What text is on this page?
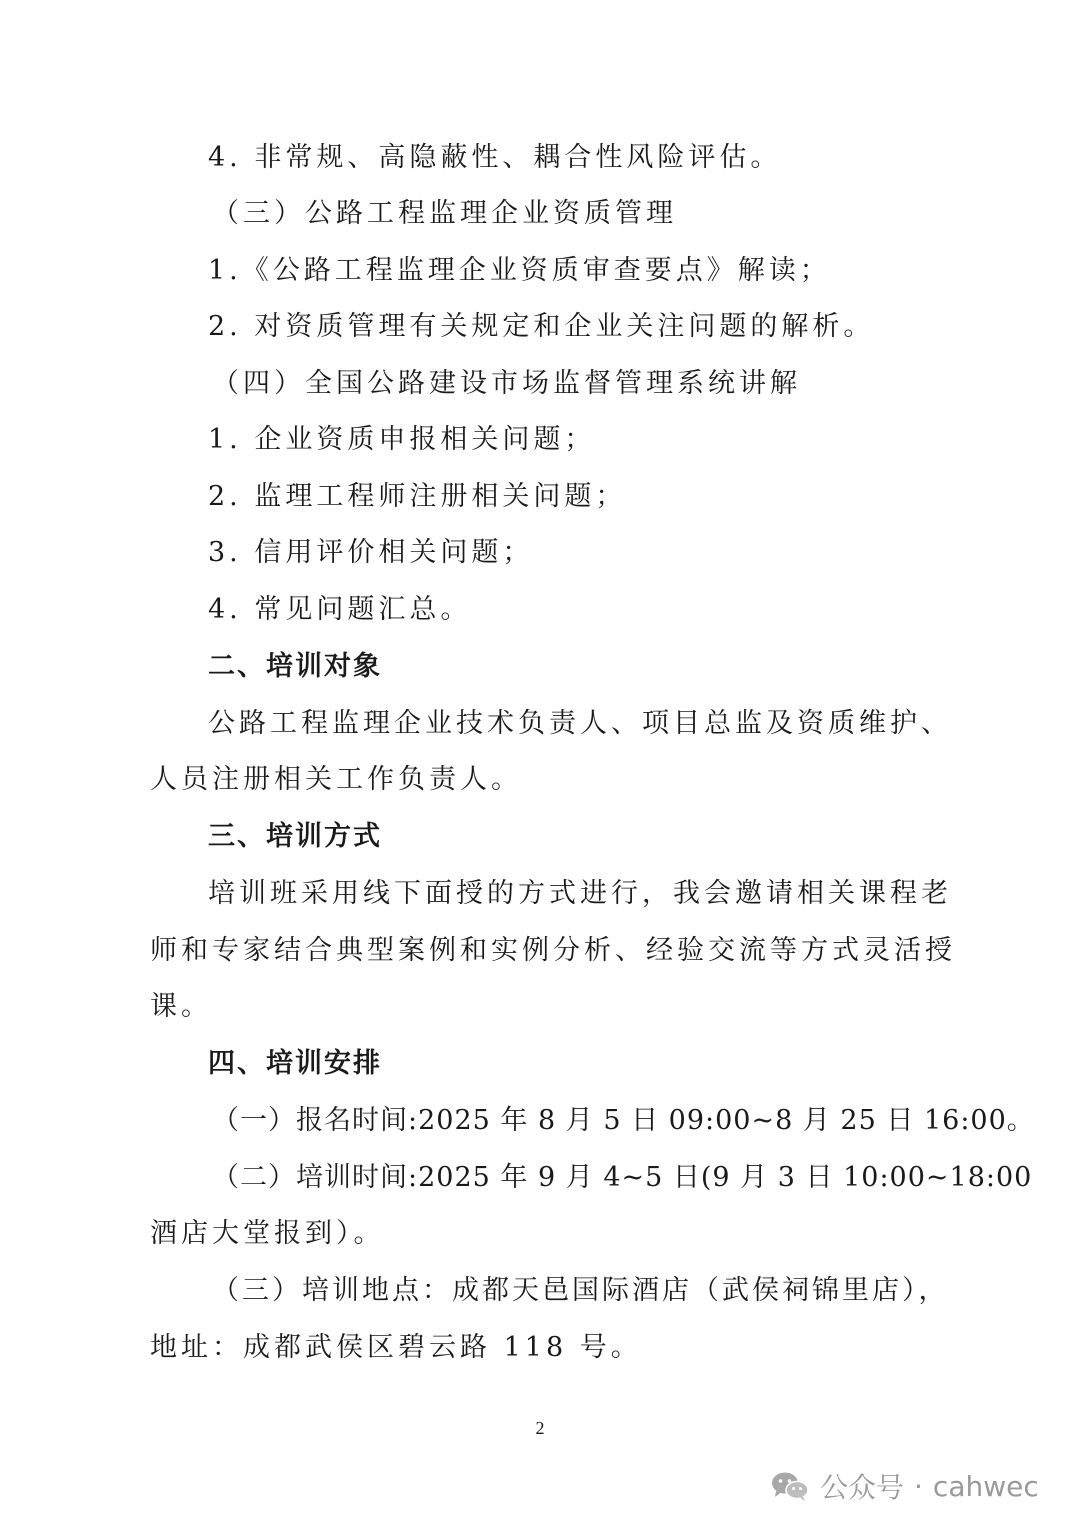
4. 非常规、高隐蔽性、耦合性风险评估。

（三）公路工程监理企业资质管理

1.《公路工程监理企业资质审查要点》解读；

2. 对资质管理有关规定和企业关注问题的解析。

（四）全国公路建设市场监督管理系统讲解

1. 企业资质申报相关问题；

2. 监理工程师注册相关问题；

3. 信用评价相关问题；

4. 常见问题汇总。

二、培训对象

公路工程监理企业技术负责人、项目总监及资质维护、

人员注册相关工作负责人。

三、培训方式

培训班采用线下面授的方式进行，我会邀请相关课程老

师和专家结合典型案例和实例分析、经验交流等方式灵活授

课。

四、培训安排

（一）报名时间:2025 年 8 月 5 日 09:00~8 月 25 日 16:00。

（二）培训时间:2025 年 9 月 4~5 日(9 月 3 日 10:00~18:00

酒店大堂报到）。

（三）培训地点：成都天邑国际酒店（武侯祠锦里店），

地址：成都武侯区碧云路 118 号。

2
公众号 · cahwec
